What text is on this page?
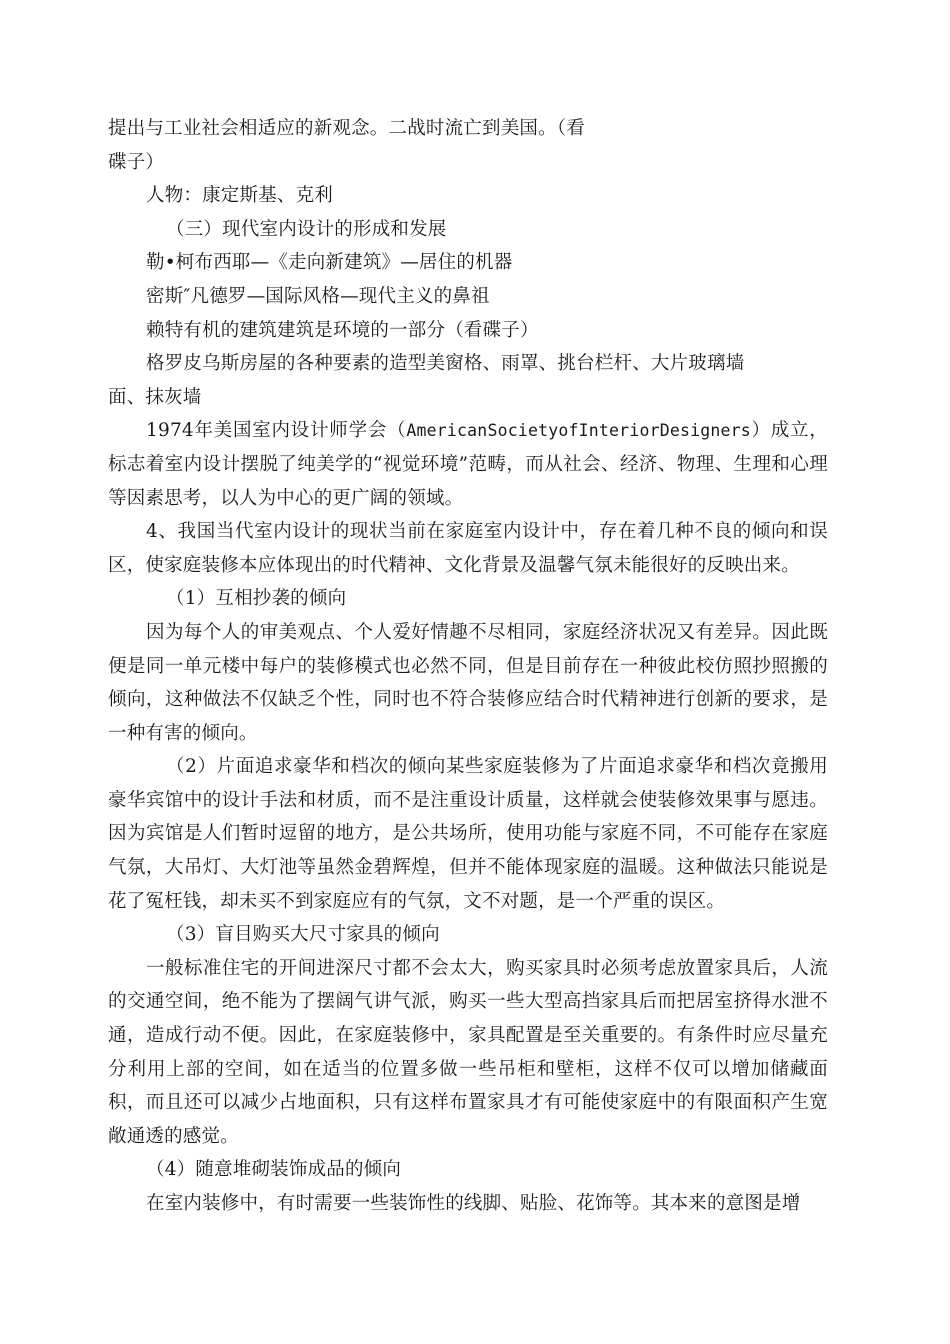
提出与工业社会相适应的新观念。二战时流亡到美国。（看
碟子）
人物：康定斯基、克利
（三）现代室内设计的形成和发展
勒•柯布西耶—《走向新建筑》—居住的机器
密斯″凡德罗—国际风格—现代主义的鼻祖
赖特有机的建筑建筑是环境的一部分（看碟子）
格罗皮乌斯房屋的各种要素的造型美窗格、雨罩、挑台栏杆、大片玻璃墙
面、抹灰墙

1974年美国室内设计师学会（AmericanSocietyofInteriorDesigners）成立，标志着室内设计摆脱了纯美学的“视觉环境”范畴，而从社会、经济、物理、生理和心理等因素思考，以人为中心的更广阔的领域。

4、我国当代室内设计的现状当前在家庭室内设计中，存在着几种不良的倾向和误区，使家庭装修本应体现出的时代精神、文化背景及温馨气氛未能很好的反映出来。

（1）互相抄袭的倾向

因为每个人的审美观点、个人爱好情趣不尽相同，家庭经济状况又有差异。因此既便是同一单元楼中每户的装修模式也必然不同，但是目前存在一种彼此校仿照抄照搬的倾向，这种做法不仅缺乏个性，同时也不符合装修应结合时代精神进行创新的要求，是一种有害的倾向。

（2）片面追求豪华和档次的倾向某些家庭装修为了片面追求豪华和档次竟搬用豪华宾馆中的设计手法和材质，而不是注重设计质量，这样就会使装修效果事与愿违。因为宾馆是人们暂时逗留的地方，是公共场所，使用功能与家庭不同，不可能存在家庭气氛，大吊灯、大灯池等虽然金碧辉煌，但并不能体现家庭的温暖。这种做法只能说是花了冤枉钱，却未买不到家庭应有的气氛，文不对题，是一个严重的误区。

（3）盲目购买大尺寸家具的倾向

一般标准住宅的开间进深尺寸都不会太大，购买家具时必须考虑放置家具后，人流的交通空间，绝不能为了摆阔气讲气派，购买一些大型高挡家具后而把居室挤得水泄不通，造成行动不便。因此，在家庭装修中，家具配置是至关重要的。有条件时应尽量充分利用上部的空间，如在适当的位置多做一些吊柜和壁柜，这样不仅可以增加储藏面积，而且还可以减少占地面积，只有这样布置家具才有可能使家庭中的有限面积产生宽敞通透的感觉。

（4）随意堆砌装饰成品的倾向

在室内装修中，有时需要一些装饰性的线脚、贴脸、花饰等。其本来的意图是增
